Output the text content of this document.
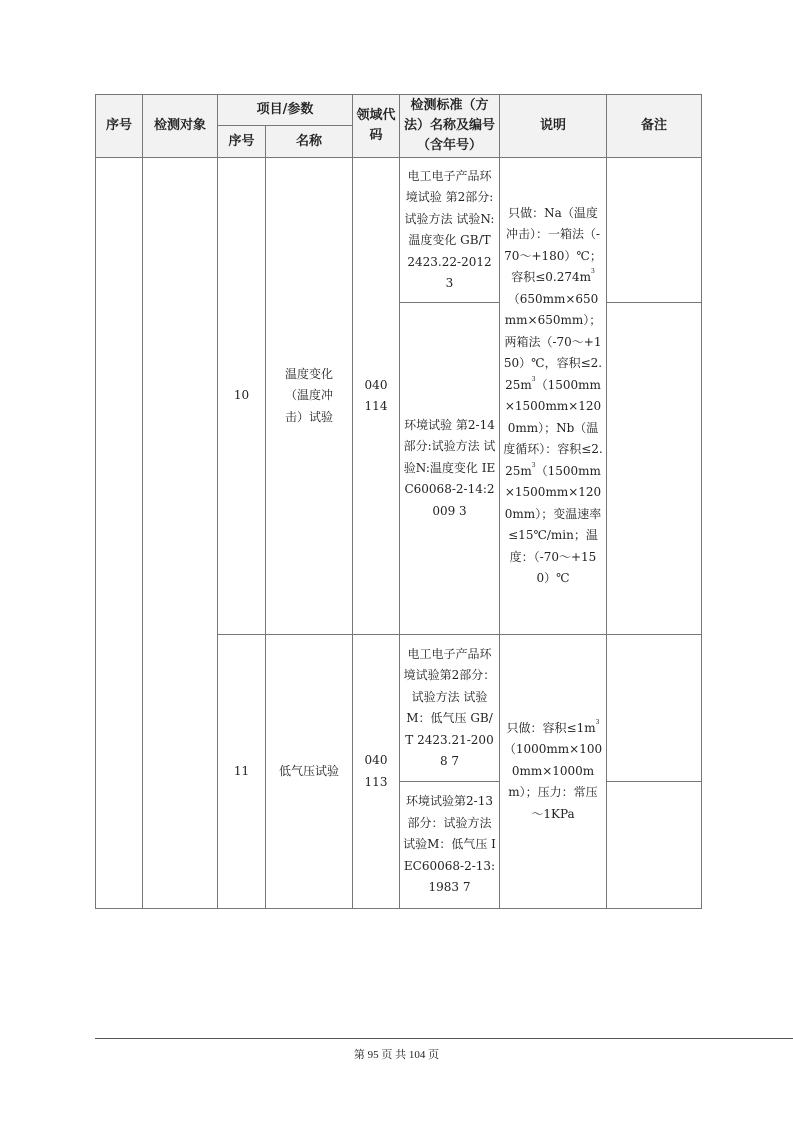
序号	检测对象	项目/参数		领域代码	检测标准（方法）名称及编号（含年号）	说明	备注
		序号	名称				
		10	温度变化（温度冲击）试验	040114	电工电子产品环境试验 第2部分:试验方法 试验N:温度变化 GB/T 2423.22-2012 3	只做：Na（温度冲击）：一箱法（-70～+180）℃；容积$\le 0.274m^3(650mm\times 650mm\times 650mm)$；两箱法（-70～+150）℃，容积$\le 2.25m^3(1500mm\times 1500mm\times 1200mm)$；Nb（温度循环）：容积$\le 2.25m^3(1500mm\times 1500mm\times 1200mm)$；变温速率≤15℃/min；温度：（-70～+150）℃	

					环境试验 第2-14部分:试验方法 试验N:温度变化 IEC60068-2-14:2009 3		

		11	低气压试验	040113	电工电子产品环境试验第2部分：试验方法 试验M：低气压 GB/T 2423.21-2008 7	只做：容积$\le 1m^3(1000mm\times 1000mm\times 1000mm)$；压力：常压～1KPa	

					环境试验第2-13部分：试验方法 试验M：低气压 IEC60068-2-13:1983 7		

第 95 页 共 104 页
